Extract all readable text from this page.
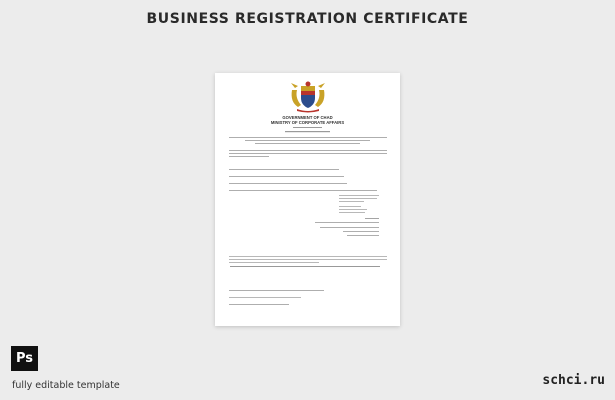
BUSINESS REGISTRATION CERTIFICATE
GOVERNMENT OF CHAD
MINISTRY OF CORPORATE AFFAIRS
Ps
fully editable template	schci.ru
